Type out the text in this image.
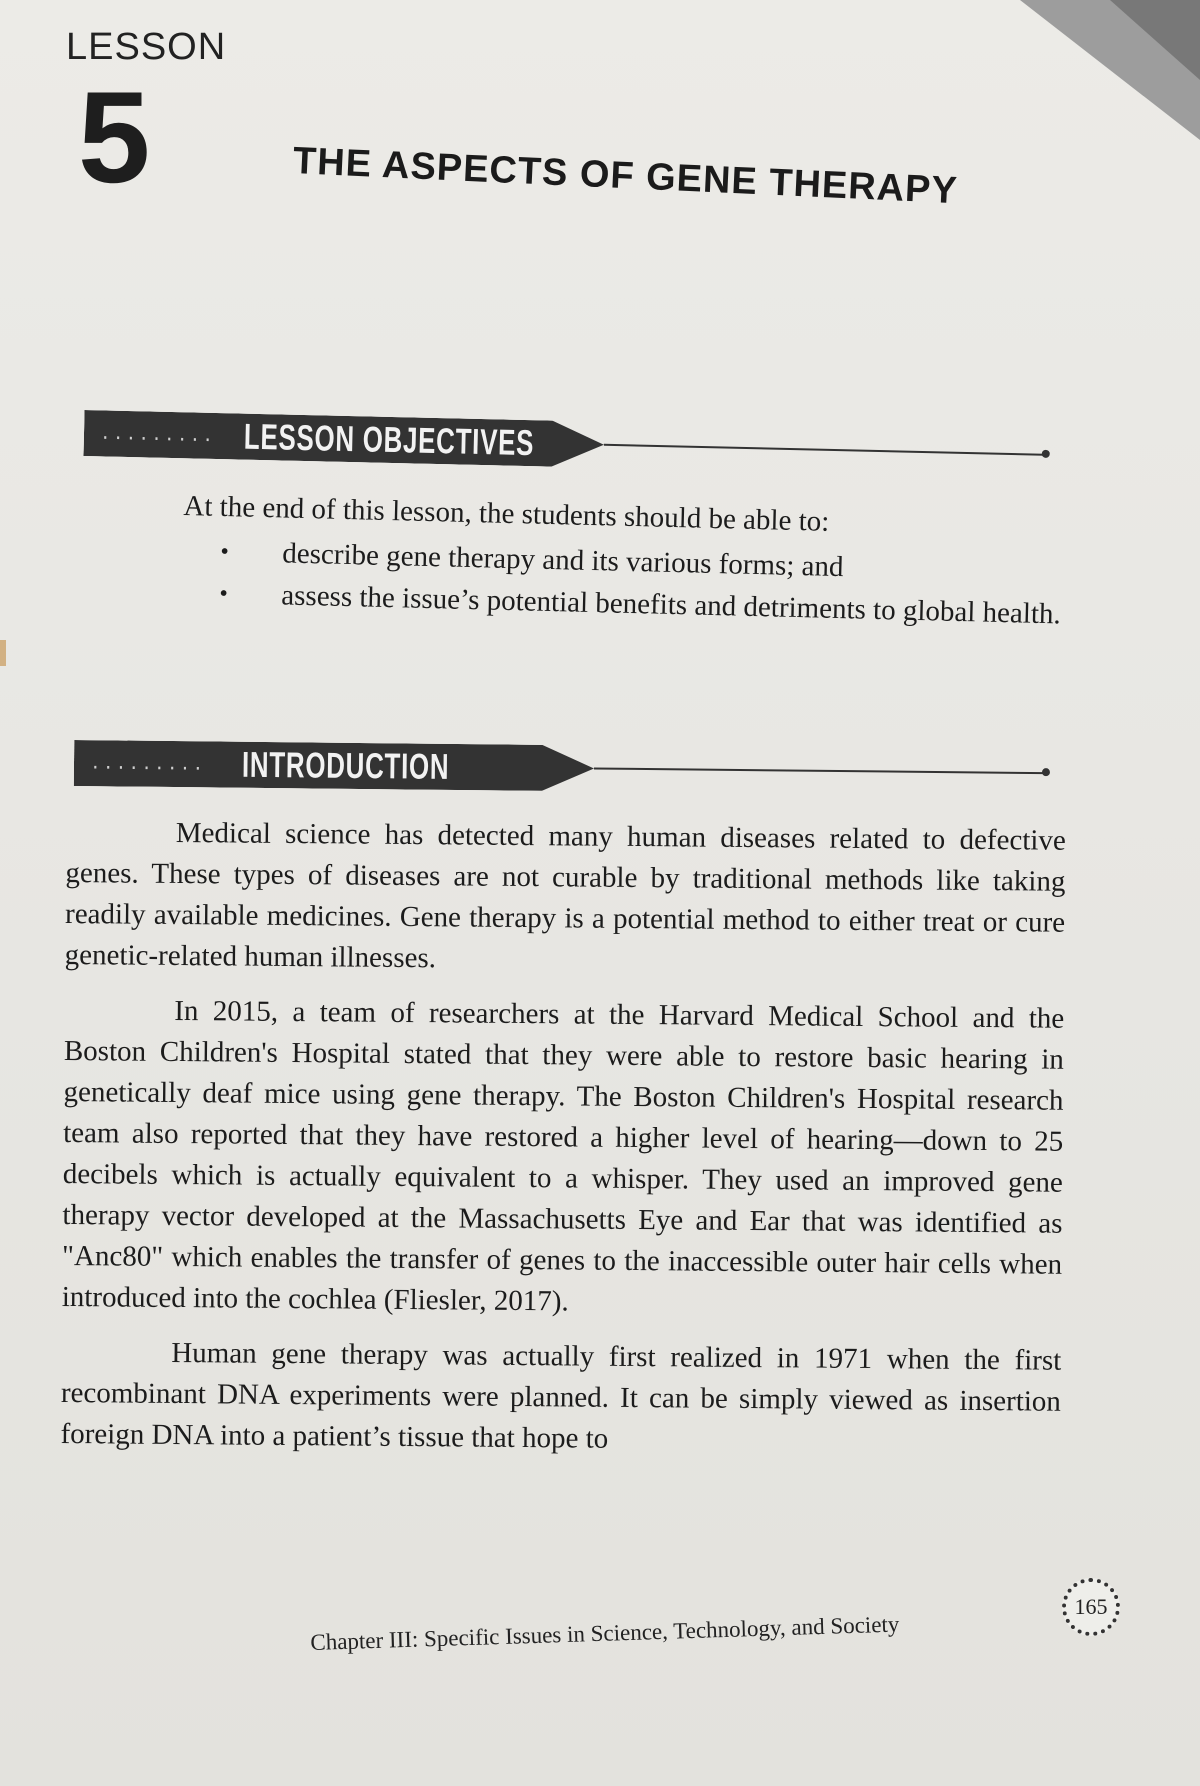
LESSON
5	THE ASPECTS OF GENE THERAPY
········· LESSON OBJECTIVES

At the end of this lesson, the students should be able to:

• describe gene therapy and its various forms; and
• assess the issue’s potential benefits and detriments to global health.
········· INTRODUCTION

Medical science has detected many human diseases related to defective genes. These types of diseases are not curable by traditional methods like taking readily available medicines. Gene therapy is a potential method to either treat or cure genetic-related human illnesses.

In 2015, a team of researchers at the Harvard Medical School and the Boston Children's Hospital stated that they were able to restore basic hearing in genetically deaf mice using gene therapy. The Boston Children's Hospital research team also reported that they have restored a higher level of hearing—down to 25 decibels which is actually equivalent to a whisper. They used an improved gene therapy vector developed at the Massachusetts Eye and Ear that was identified as "Anc80" which enables the transfer of genes to the inaccessible outer hair cells when introduced into the cochlea (Fliesler, 2017).

Human gene therapy was actually first realized in 1971 when the first recombinant DNA experiments were planned. It can be simply viewed as insertion foreign DNA into a patient’s tissue that hope to

Chapter III: Specific Issues in Science, Technology, and Society
165
